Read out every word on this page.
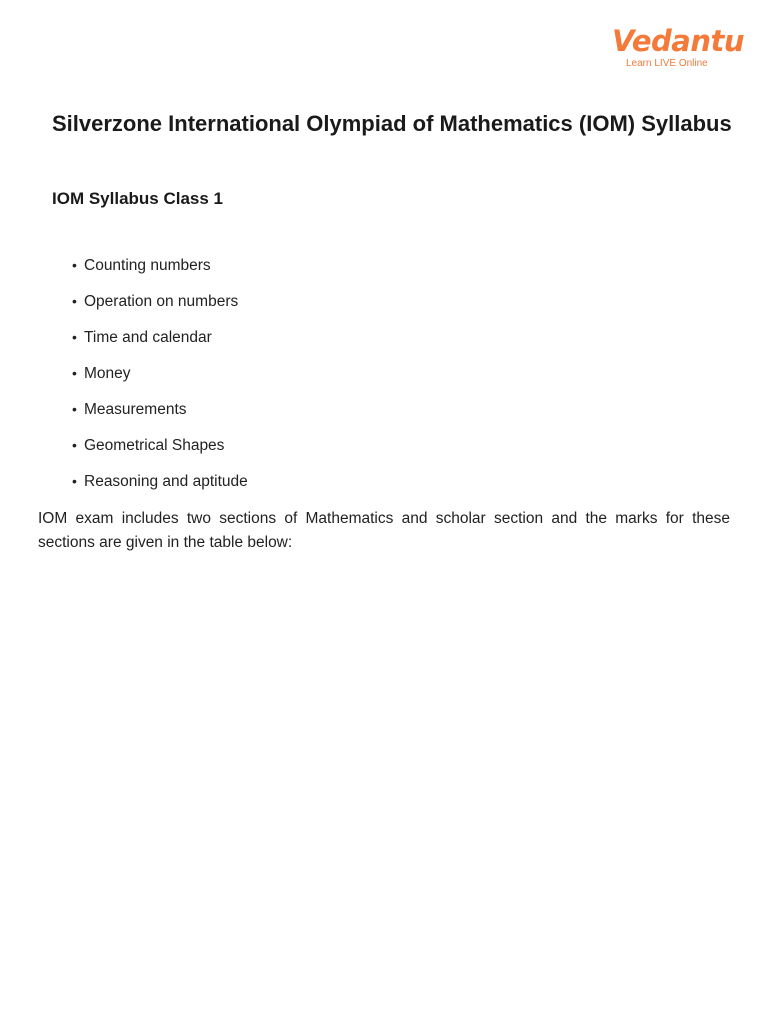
Vedantu
Learn LIVE Online
Silverzone International Olympiad of Mathematics (IOM) Syllabus
IOM Syllabus Class 1
• Counting numbers
• Operation on numbers
• Time and calendar
• Money
• Measurements
• Geometrical Shapes
• Reasoning and aptitude

IOM exam includes two sections of Mathematics and scholar section and the marks for these sections are given in the table below:
